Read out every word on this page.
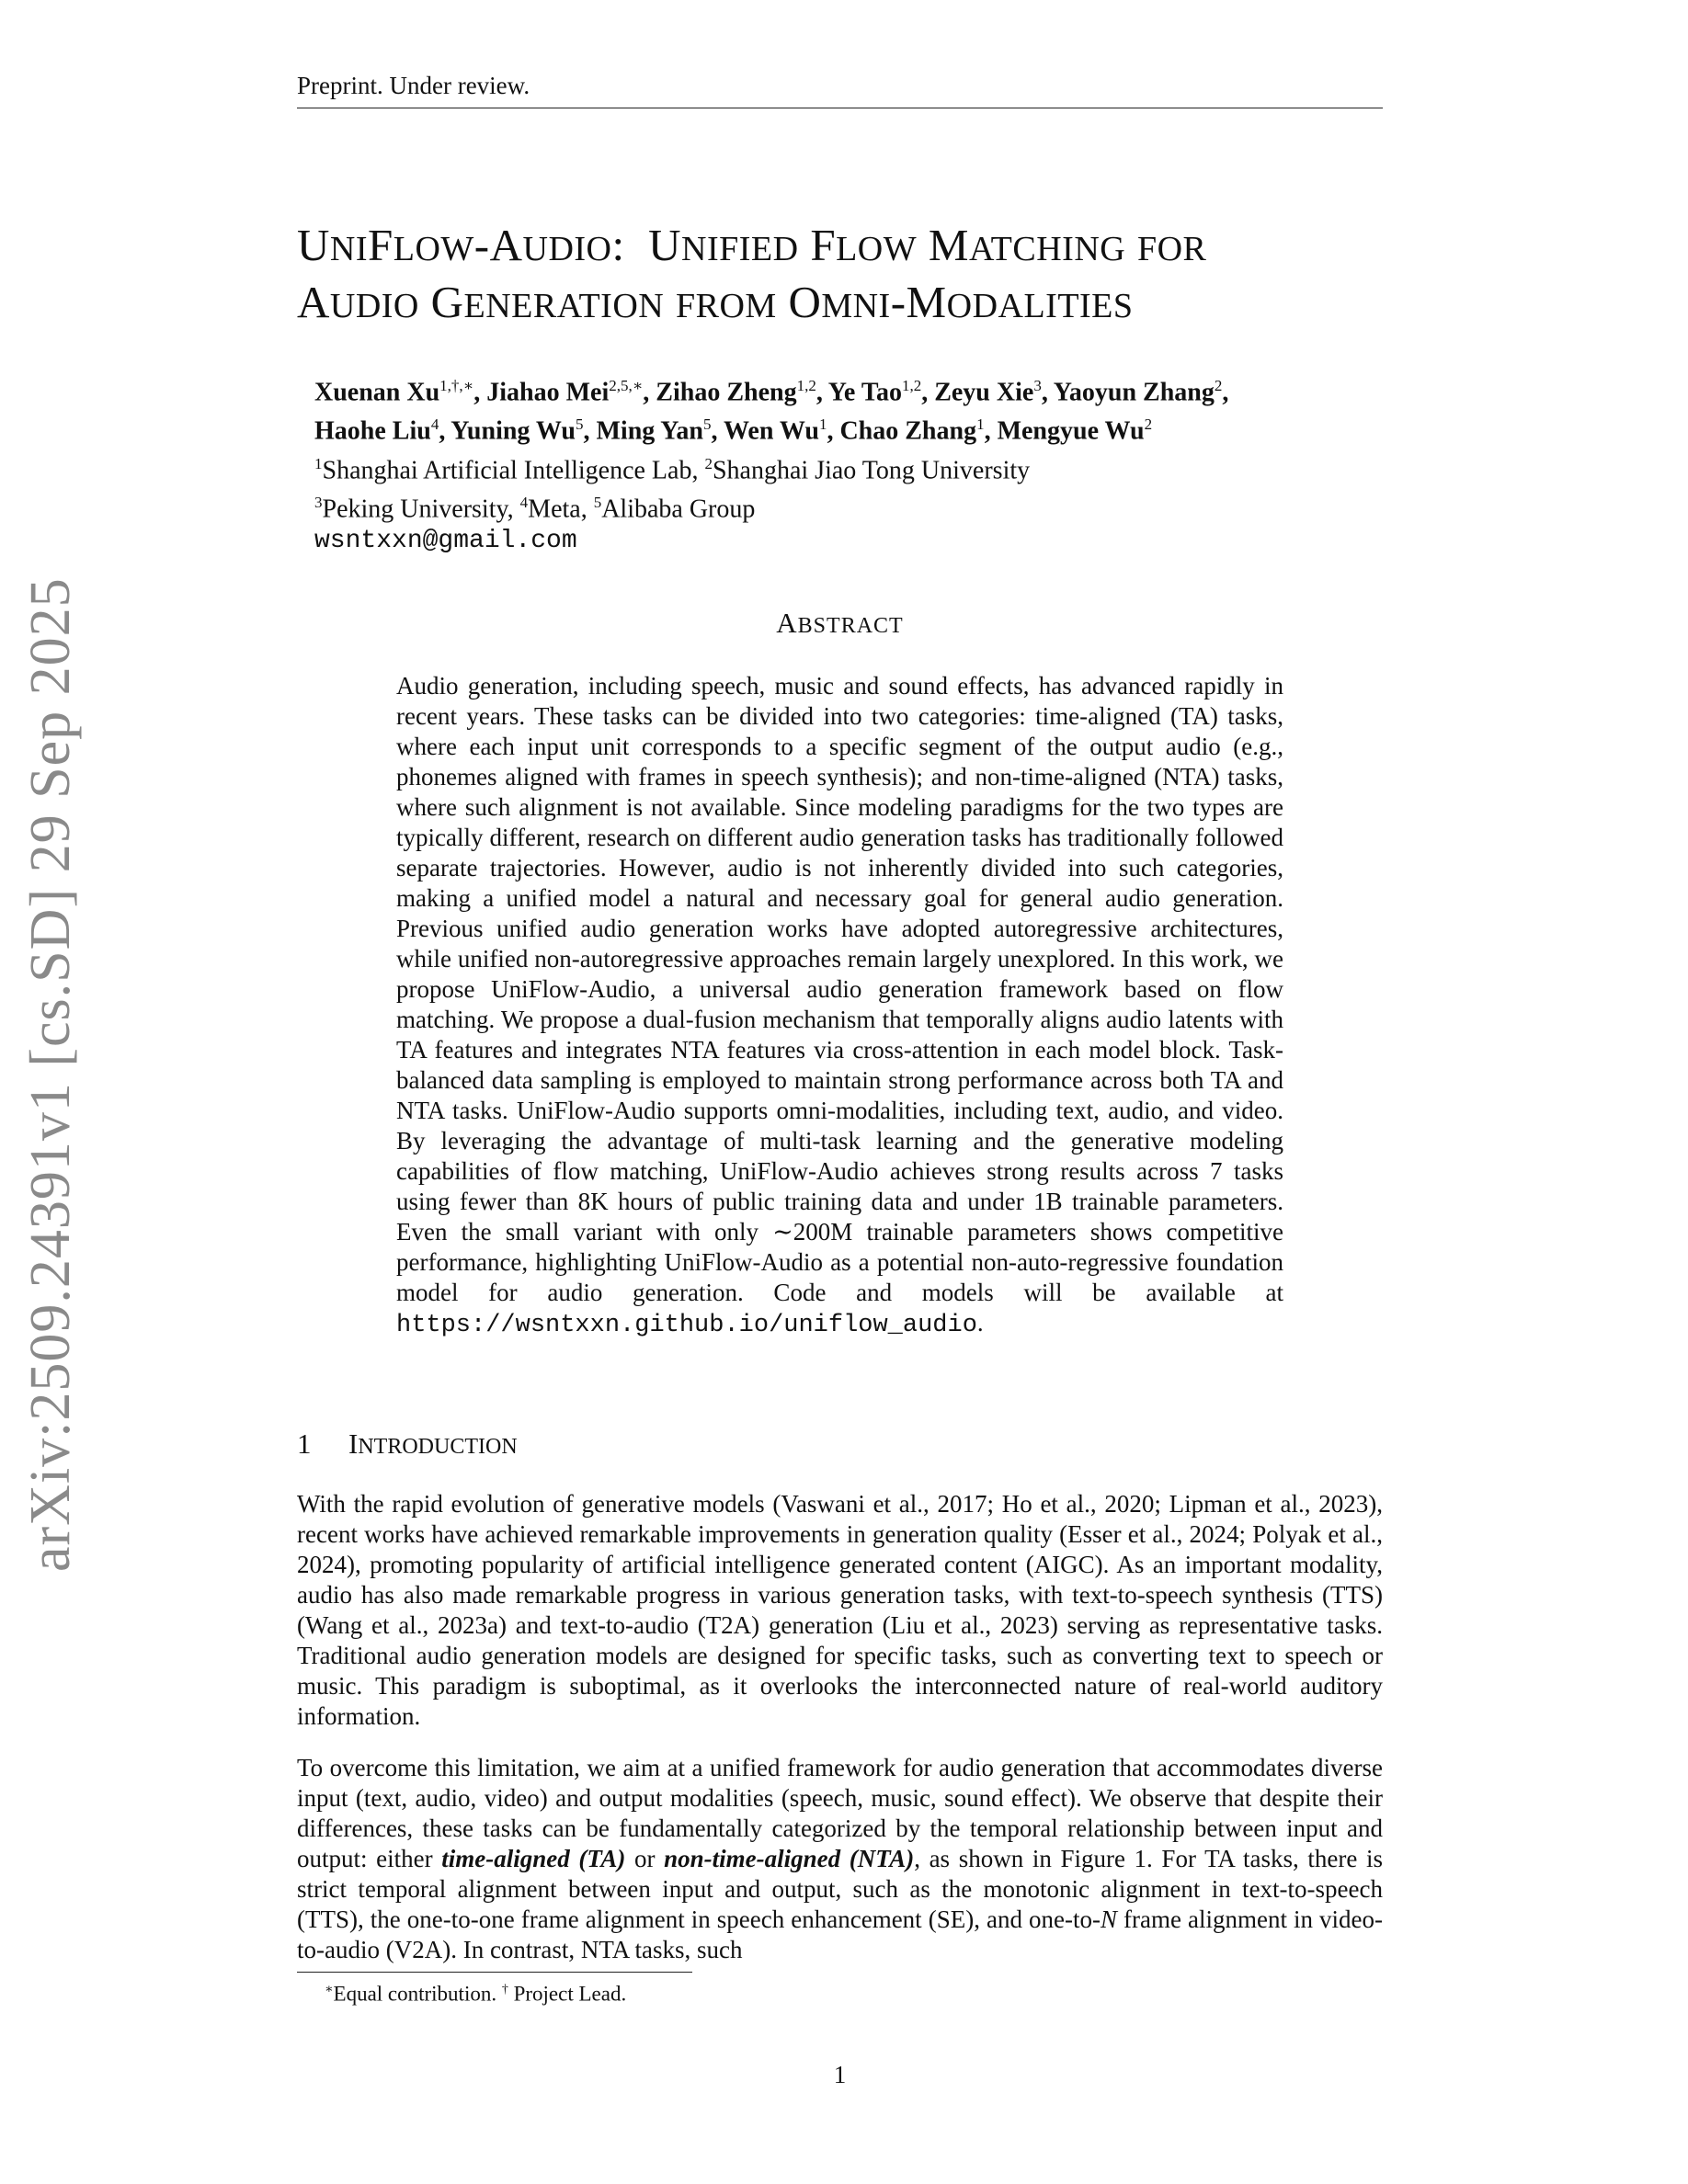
Preprint. Under review.
UNIFLOW-AUDIO:  UNIFIED FLOW MATCHING FOR
AUDIO GENERATION FROM OMNI-MODALITIES
Xuenan $Xu^{1,\dagger,∗}$, Jiahao Mei$^{2,5,∗}$, Zihao Zheng$^{1,2}$, Ye Tao$^{1,2}$, Zeyu Xie$^3$, Yaoyun Zhang$^2$,
Haohe Liu$^4$, Yuning Wu$^5$, Ming Yan$^5$, Wen Wu$^1$, Chao Zhang$^1$, Mengyue Wu$^2$
$^1$Shanghai Artificial Intelligence Lab, $^2$Shanghai Jiao Tong University
$^3$Peking University, $^4$Meta, $^5$Alibaba Group
wsntxxn@gmail.com
arXiv:2509.24391v1 [cs.SD] 29 Sep 2025	ABSTRACT
Audio generation, including speech, music and sound effects, has advanced rapidly in recent years. These tasks can be divided into two categories: time-aligned (TA) tasks, where each input unit corresponds to a specific segment of the output audio (e.g., phonemes aligned with frames in speech synthesis); and non-time-aligned (NTA) tasks, where such alignment is not available. Since modeling paradigms for the two types are typically different, research on different audio generation tasks has traditionally followed separate trajectories. However, audio is not inherently divided into such categories, making a unified model a natural and necessary goal for general audio generation. Previous unified audio generation works have adopted autoregressive architectures, while unified non-autoregressive approaches remain largely unexplored. In this work, we propose UniFlow-Audio, a universal audio generation framework based on flow matching. We propose a dual-fusion mechanism that temporally aligns audio latents with TA features and integrates NTA features via cross-attention in each model block. Task-balanced data sampling is employed to maintain strong performance across both TA and NTA tasks. UniFlow-Audio supports omni-modalities, including text, audio, and video. By leveraging the advantage of multi-task learning and the generative modeling capabilities of flow matching, UniFlow-Audio achieves strong results across 7 tasks using fewer than 8K hours of public training data and under 1B trainable parameters. Even the small variant with only ∼200M trainable parameters shows competitive performance, highlighting UniFlow-Audio as a potential non-auto-regressive foundation model for audio generation. Code and models will be available at https://wsntxxn.github.io/uniflow_audio.
1 INTRODUCTION
With the rapid evolution of generative models (Vaswani et al., 2017; Ho et al., 2020; Lipman et al., 2023), recent works have achieved remarkable improvements in generation quality (Esser et al., 2024; Polyak et al., 2024), promoting popularity of artificial intelligence generated content (AIGC). As an important modality, audio has also made remarkable progress in various generation tasks, with text-to-speech synthesis (TTS) (Wang et al., 2023a) and text-to-audio (T2A) generation (Liu et al., 2023) serving as representative tasks. Traditional audio generation models are designed for specific tasks, such as converting text to speech or music. This paradigm is suboptimal, as it overlooks the interconnected nature of real-world auditory information.
To overcome this limitation, we aim at a unified framework for audio generation that accommodates diverse input (text, audio, video) and output modalities (speech, music, sound effect). We observe that despite their differences, these tasks can be fundamentally categorized by the temporal relationship between input and output: either time-aligned (TA) or non-time-aligned (NTA), as shown in Figure 1. For TA tasks, there is strict temporal alignment between input and output, such as the monotonic alignment in text-to-speech (TTS), the one-to-one frame alignment in speech enhancement (SE), and one-to-N frame alignment in video-to-audio (V2A). In contrast, NTA tasks, such
∗Equal contribution. † Project Lead.
1
